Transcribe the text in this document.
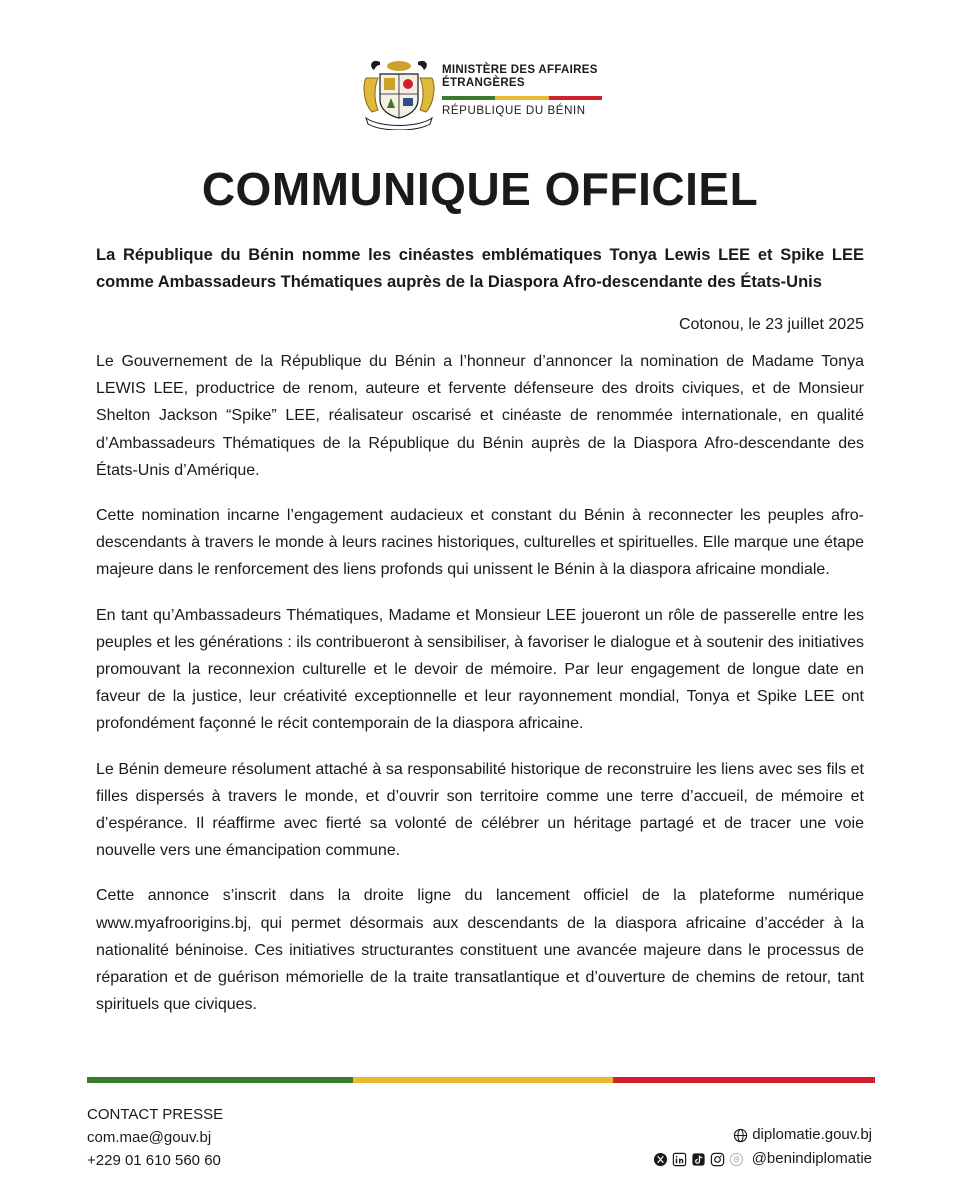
MINISTÈRE DES AFFAIRES
ÉTRANGÈRES
RÉPUBLIQUE DU BÉNIN
COMMUNIQUE OFFICIEL

La République du Bénin nomme les cinéastes emblématiques Tonya Lewis LEE et Spike LEE comme Ambassadeurs Thématiques auprès de la Diaspora Afro-descendante des États-Unis

Cotonou, le 23 juillet 2025

Le Gouvernement de la République du Bénin a l’honneur d’annoncer la nomination de Madame Tonya LEWIS LEE, productrice de renom, auteure et fervente défenseure des droits civiques, et de Monsieur Shelton Jackson “Spike” LEE, réalisateur oscarisé et cinéaste de renommée internationale, en qualité d’Ambassadeurs Thématiques de la République du Bénin auprès de la Diaspora Afro-descendante des États-Unis d’Amérique.

Cette nomination incarne l’engagement audacieux et constant du Bénin à reconnecter les peuples afro-descendants à travers le monde à leurs racines historiques, culturelles et spirituelles. Elle marque une étape majeure dans le renforcement des liens profonds qui unissent le Bénin à la diaspora africaine mondiale.

En tant qu’Ambassadeurs Thématiques, Madame et Monsieur LEE joueront un rôle de passerelle entre les peuples et les générations : ils contribueront à sensibiliser, à favoriser le dialogue et à soutenir des initiatives promouvant la reconnexion culturelle et le devoir de mémoire. Par leur engagement de longue date en faveur de la justice, leur créativité exceptionnelle et leur rayonnement mondial, Tonya et Spike LEE ont profondément façonné le récit contemporain de la diaspora africaine.

Le Bénin demeure résolument attaché à sa responsabilité historique de reconstruire les liens avec ses fils et filles dispersés à travers le monde, et d’ouvrir son territoire comme une terre d’accueil, de mémoire et d’espérance. Il réaffirme avec fierté sa volonté de célébrer un héritage partagé et de tracer une voie nouvelle vers une émancipation commune.

Cette annonce s’inscrit dans la droite ligne du lancement officiel de la plateforme numérique www.myafroorigins.bj, qui permet désormais aux descendants de la diaspora africaine d’accéder à la nationalité béninoise. Ces initiatives structurantes constituent une avancée majeure dans le processus de réparation et de guérison mémorielle de la traite transatlantique et d’ouverture de chemins de retour, tant spirituels que civiques.

CONTACT PRESSE
com.mae@gouv.bj
+229 01 610 560 60
diplomatie.gouv.bj
@benindiplomatie
